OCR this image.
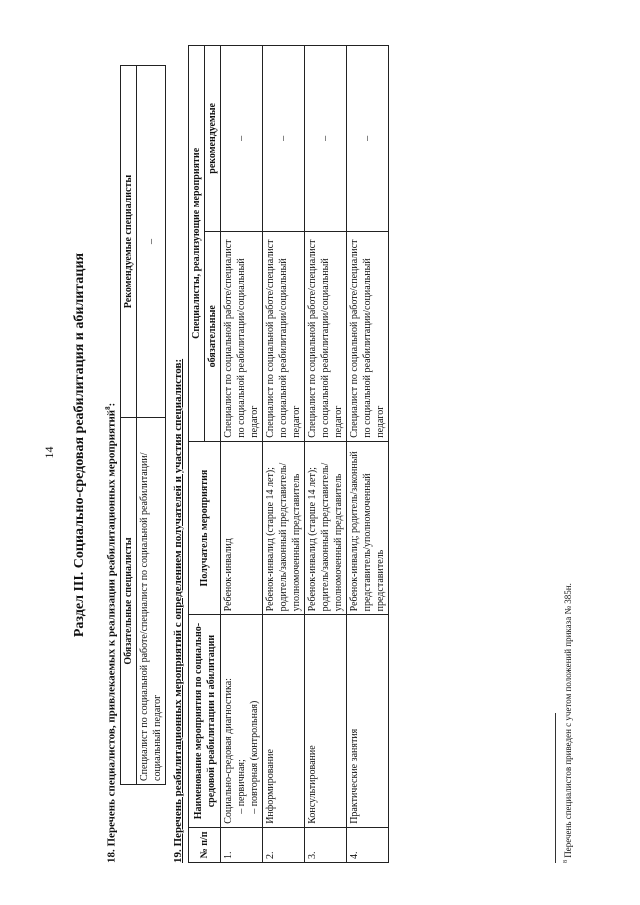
14 Раздел III. Социально-средовая реабилитация и абилитация 18. Перечень специалистов, привлекаемых к реализации реабилитационных мероприятий$^8$:
Обязательные специалисты	Рекомендуемые специалисты
Специалист по социальной работе/специалист по социальной реабилитации/социальный педагог	–
19. Перечень реабилитационных мероприятий с определением получателей и участия специалистов: № п/п	Наименование мероприятия по социально-средовой реабилитации и абилитации	Получатель мероприятия	Специалисты, реализующие мероприятие	
			обязательные	рекомендуемые
1.	Социально-средовая диагностика: – первичная; – повторная (контрольная)	Ребенок-инвалид	Специалист по социальной работе/специалист по социальной реабилитации/социальный педагог	–
2.	Информирование	Ребенок-инвалид (старше 14 лет); родитель/законный представитель/уполномоченный представитель	Специалист по социальной работе/специалист по социальной реабилитации/социальный педагог	–
3.	Консультирование	Ребенок-инвалид (старше 14 лет); родитель/законный представитель/уполномоченный представитель	Специалист по социальной работе/специалист по социальной реабилитации/социальный педагог	–
4.	Практические занятия	Ребенок-инвалид; родитель/законный представитель/уполномоченный представитель	Специалист по социальной работе/специалист по социальной реабилитации/социальный педагог	–
$^8$ Перечень специалистов приведен с учетом положений приказа № 385н.
